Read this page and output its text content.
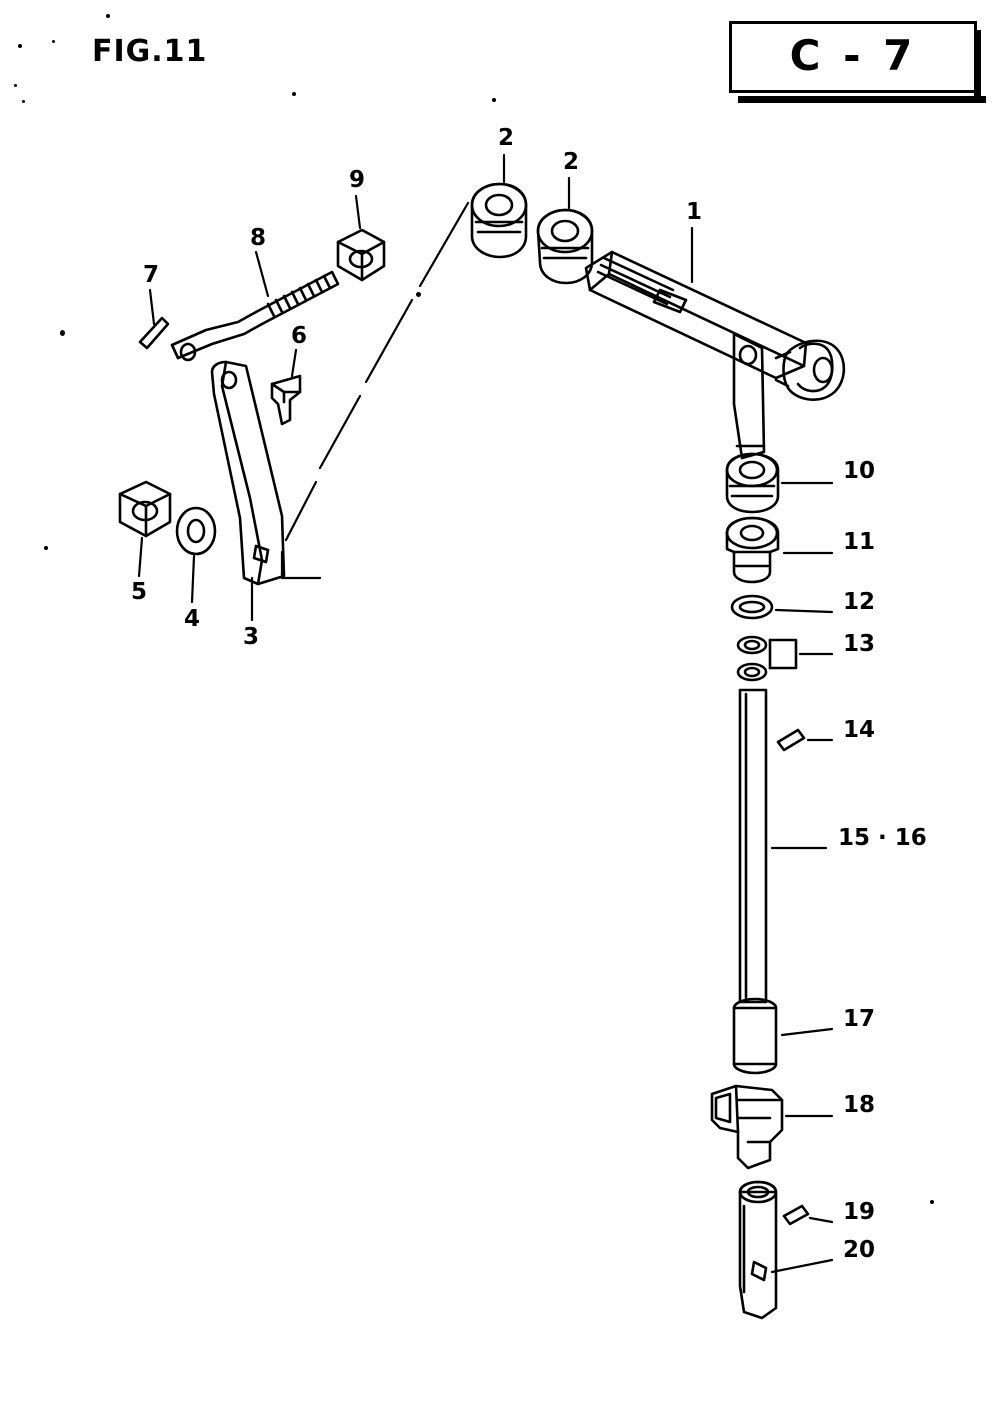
FIG.11	C - 7
1
2
2
3
4
5
6
7
8
9
10
11
12
13
14
15 · 16
17
18
19
20
